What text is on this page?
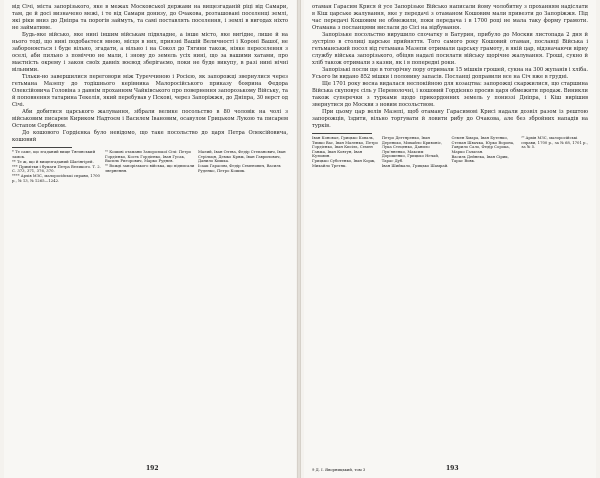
від Січі, міста запорізького, яке в межах Московської держави на вищезгаданій ріці від Самари, там, де й досі визначено межі, і те від Самари донизу, до Очакова, розташовані поселенці землі, які ріки вниз до Дніпра та порогів займуть, та самі поставлять поселення, і землі в вигодах ніхто не займатиме.

Будь-яке військо, яке нині іншим військам підвладне, а інше місто, яке вигідне, лише й на нього тоді, що нині подобаєтеся мною, місця в них, приязні Вашій Величності і Короні Вашої, не забороняється і буде вільно, згадати, а вільно і на Сокол до Тягини також, ніяке переселення з оселі, аби пильно з поміччю не мали, і знову до земель усіх нині, що за вашими хатами, про маєтність окрему і закон своїх давніх воєвод зберігаємо, поки не буде викупу, в разі нині нічні вільними.

Тільки-но завершилися переговори між Туреччиною і Росією, як запорожці звернулися через гетьмана Мазепу до тодішнього керівника Малоросійського приказу боярина Федора Олексійовича Головіна з давнім проханням Чайківського про повернення запорозькому Війську, та й поповнення татарина Текелія, який перебував у Пскові, через Запоріжжя, до Дніпра, 30 верст од Січі.

Аби добитися царського жалування, зібрали велике посольство в 80 чоловік на чолі з військовим писарем Кириком Надтоєм і Василем Івановим, осавулом Грицьком Лукою та писарем Остапом Сербином.

До кошового Гордієнка було невідомо, що таке посольство до царя Петра Олексійовича, кошовий

* Те саме, що згаданий вище Тягинський замок.

** Те ж, що й вищезгаданий Шагінгірей.

*** Примітки і бумаги Петра Великого. Т. 2. С. 373, 371, 376, 370.

**** Архів МЗС, малоросійські справи, 1700 р., № 13, № 1265—1242.

⁶¹ Кошові отамани Запорозької Січі: Петро Гордієнко, Кость Гордієнко, Іван Гусак, Василь Ригорович, Марко Руднєв.

⁶² Вожді запорізького війська, що підписали звернення.

Малий, Іван Олтва, Федір Степанович, Іван Стрільця, Демко Кряж, Іван Гаврилович, Данило Кишка.

Ісаак Гарасим, Федір Семенович, Василь Руденко, Петро Кошик.

192

отаман Гарасим Крися й усе Запорізьке Військо написали йому чолобитну з проханням надіслати в Кіш царське жалування, яке у передачі з отаманом Кошовим мали привезти до Запоріжжя. Під час передачі Кошовим не обмежили, поки передача і в 1700 році не мала таку форму грамоти. Отамана з посланцями вислали до Сісі на відбування.

Запорізьке посольство вирушило спочатку в Батурин, прибуло до Москви листопада 2 дня й зустріло в столиці царське прийняття. Того самого року Кошовий отаман, посланці Війська і гетьманський посол від гетьмана Мазепи отримали царську грамоту, в якій цар, відзначаючи вірну службу війська запорізького, обіцяв надалі посилати війську щорічне жалування. Гроші, сукно й хліб також отримали з казни, як і в попередні роки.

Запорізькі посли ще в тогорічну пору отримали 15 мішків грошей, сукна на 300 жупанів і хліба. Усього їм видано 852 мішки і половину запасів. Посланці доправили все на Січ вже в грудні.

Ще 1701 року весна видалася неспокійною для козацтва: запорожці скаржилися, що старшина Війська скуповує сіль у Переволочні, і кошовий Гордієнко просив царя обмежити продаж. Виникли також суперечки з турками щодо прикордонних земель у пониззі Дніпра, і Кіш вирішив звернутися до Москви з новим посольством.

При цьому цар велів Мазепі, щоб отаману Гарасимові Крисі надали дозвіл разом із рештою запорожців, їздити, вільно торгувати й ловити рибу до Очакова, але без збройних нападів на турків.

Іван Коновал, Грицько Коваль, Тимко Вас, Іван Маленко, Петро Гордієнко, Іван Кисіль, Семен Ганжа, Іван Ковтун, Іван Кузьмин.

Грицько Суботенко, Іван Корж, Михайло Третяк.

Петро Дегтяренко, Іван Деренько, Михайло Кривоніс, Лука Стеценко, Данило Лук'яненко, Максим Дорошенко, Грицько Нечай, Тарас Дуб.

Іван Шийкало, Грицько Шамрай.

Семен Хмара, Іван Бутенко, Степан Швачка, Юрко Ворона, Гаврило Сало, Федір Сорока, Марко Галаган.

Василь Дейнека, Іван Сірик, Тарас Вовк.

²⁰ Архів МЗС, малоросійські справи, 1700 р., за № 68, 1701 р., за № 5.

9 Д. І. Яворницький, том 3	193
